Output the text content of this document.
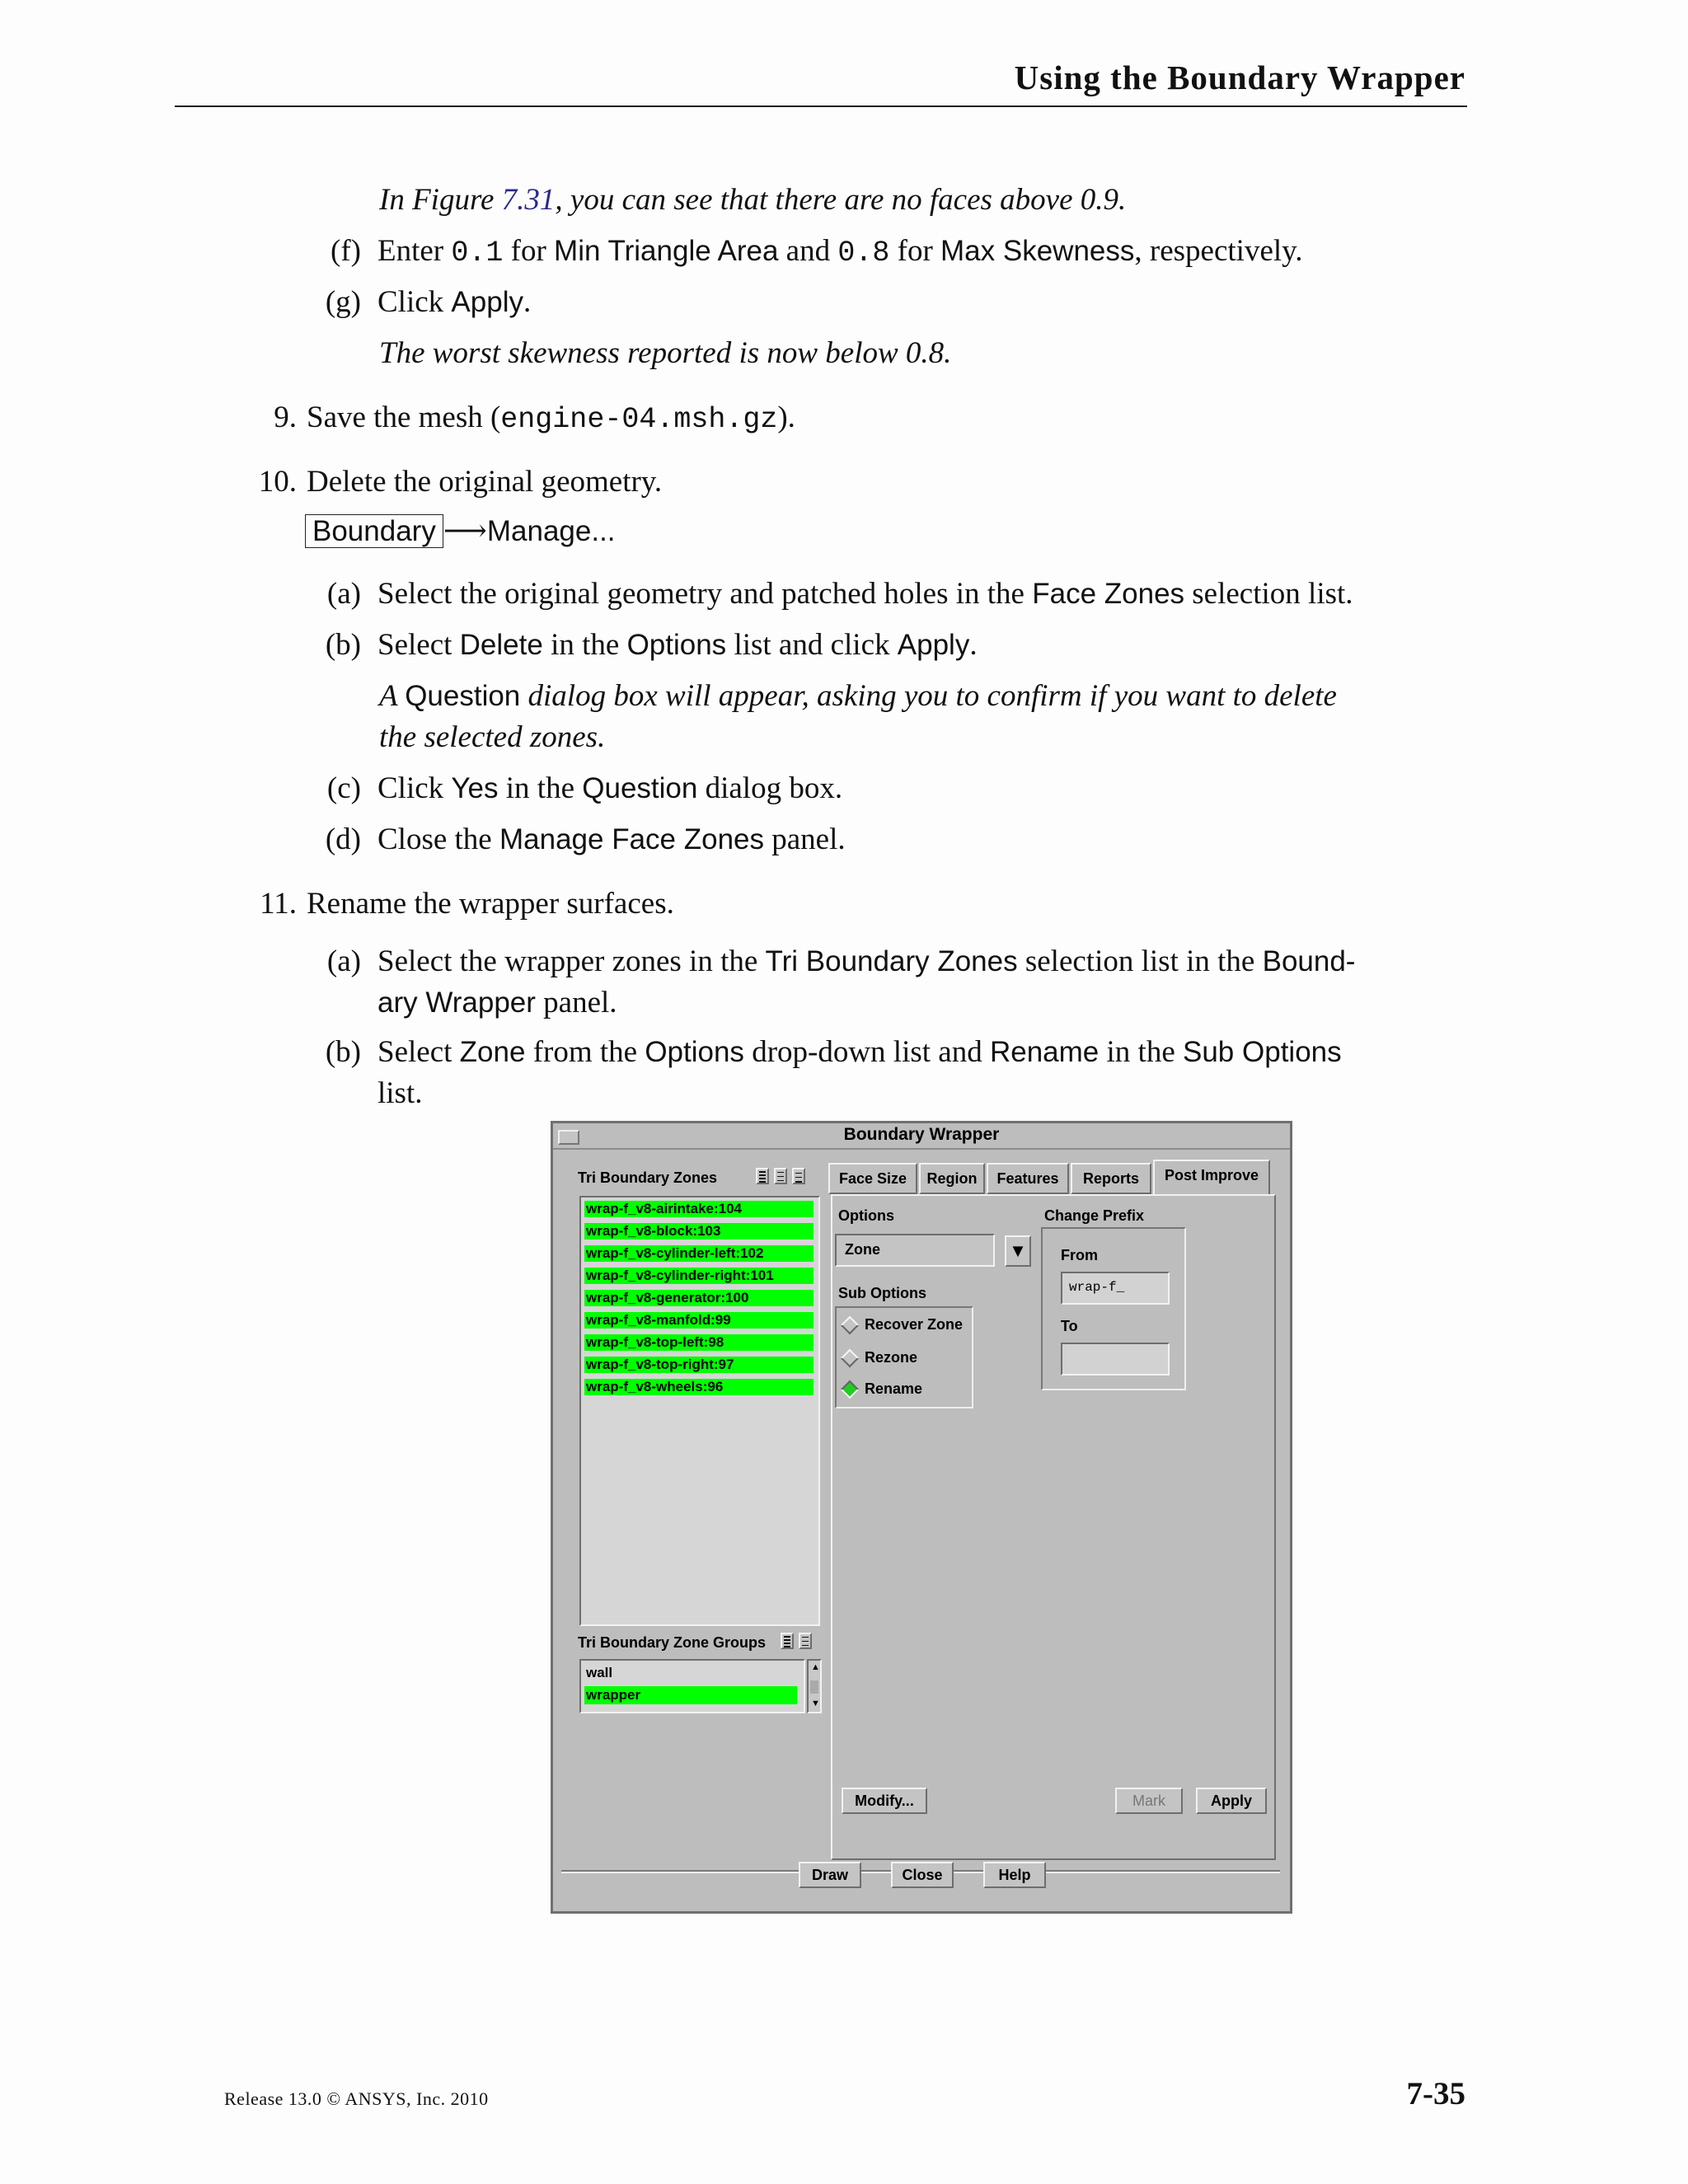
Using the Boundary Wrapper
In Figure 7.31, you can see that there are no faces above 0.9.
(f) Enter 0.1 for Min Triangle Area and 0.8 for Max Skewness, respectively.
(g) Click Apply.
The worst skewness reported is now below 0.8.
9. Save the mesh (engine-04.msh.gz).
10. Delete the original geometry.
Boundary ⟶Manage...
(a) Select the original geometry and patched holes in the Face Zones selection list.
(b) Select Delete in the Options list and click Apply.
A Question dialog box will appear, asking you to confirm if you want to delete
the selected zones.
(c) Click Yes in the Question dialog box.
(d) Close the Manage Face Zones panel.
11. Rename the wrapper surfaces.
(a) Select the wrapper zones in the Tri Boundary Zones selection list in the Bound-
ary Wrapper panel.
(b) Select Zone from the Options drop-down list and Rename in the Sub Options
list.
Boundary Wrapper
Tri Boundary Zones
wrap-f_v8-airintake:104
wrap-f_v8-block:103
wrap-f_v8-cylinder-left:102
wrap-f_v8-cylinder-right:101
wrap-f_v8-generator:100
wrap-f_v8-manfold:99
wrap-f_v8-top-left:98
wrap-f_v8-top-right:97
wrap-f_v8-wheels:96
Tri Boundary Zone Groups
wall
wrapper
▲
▼
Face Size	Region	Features	Reports	Post Improve
Options
Zone	▼
Sub Options
Recover Zone
Rezone
Rename
Change Prefix
From
wrap-f_
To
Modify...	Mark	Apply
Draw	Close	Help
Release 13.0 © ANSYS, Inc. 2010	7-35
